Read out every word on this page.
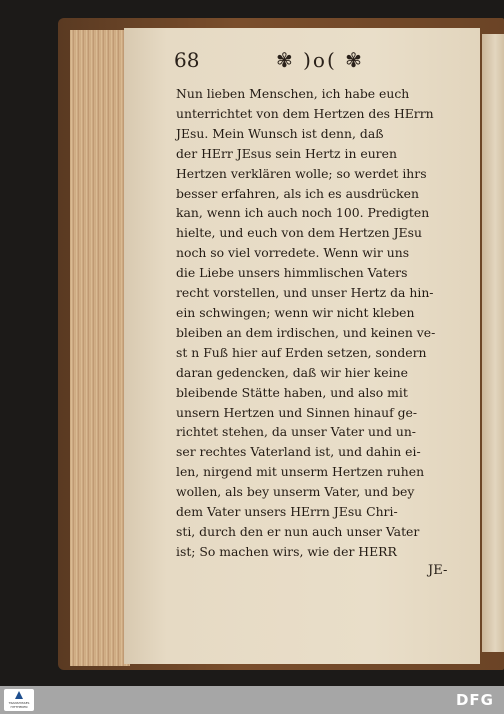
68	✾ )o( ✾
Nun lieben Menschen, ich habe euch
unterrichtet von dem Hertzen des HErrn
JEsu. Mein Wunsch ist denn, daß
der HErr JEsus sein Hertz in euren
Hertzen verklären wolle; so werdet ihrs
besser erfahren, als ich es ausdrücken
kan, wenn ich auch noch 100. Predigten
hielte, und euch von dem Hertzen JEsu
noch so viel vorredete. Wenn wir uns
die Liebe unsers himmlischen Vaters
recht vorstellen, und unser Hertz da hin-
ein schwingen; wenn wir nicht kleben
bleiben an dem irdischen, und keinen ve-
st n Fuß hier auf Erden setzen, sondern
daran gedencken, daß wir hier keine
bleibende Stätte haben, und also mit
unsern Hertzen und Sinnen hinauf ge-
richtet stehen, da unser Vater und un-
ser rechtes Vaterland ist, und dahin ei-
len, nirgend mit unserm Hertzen ruhen
wollen, als bey unserm Vater, und bey
dem Vater unsers HErrn JEsu Chri-
sti, durch den er nun auch unser Vater
ist; So machen wirs, wie der HERR
JE-
TRANSHISSES HITTHEKEN	DFG
